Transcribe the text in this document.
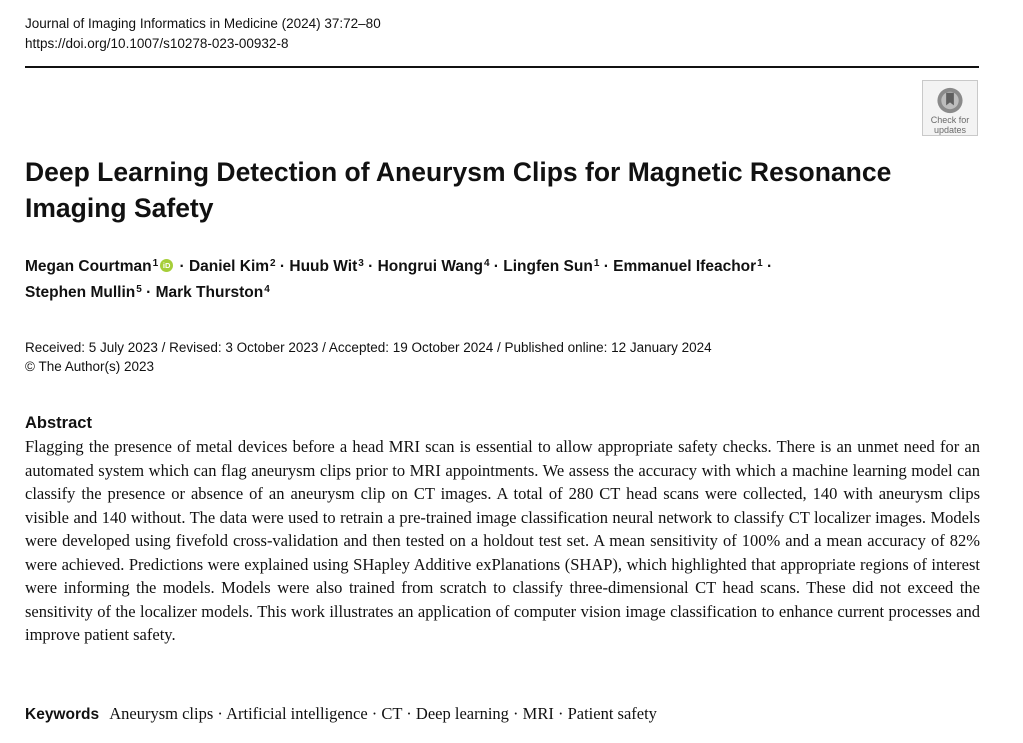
Journal of Imaging Informatics in Medicine (2024) 37:72–80
https://doi.org/10.1007/s10278-023-00932-8
Check for
updates
Deep Learning Detection of Aneurysm Clips for Magnetic Resonance
Imaging Safety
Megan Courtman$^1$ iD · Daniel Kim$^2$ · Huub Wit$^3$ · Hongrui Wang$^4$ · Lingfen Sun$^1$ · Emmanuel Ifeachor$^1$ ·
Stephen Mullin$^5$ · Mark Thurston$^4$
Received: 5 July 2023 / Revised: 3 October 2023 / Accepted: 19 October 2024 / Published online: 12 January 2024
© The Author(s) 2023
Abstract

Flagging the presence of metal devices before a head MRI scan is essential to allow appropriate safety checks. There is an unmet need for an automated system which can flag aneurysm clips prior to MRI appointments. We assess the accuracy with which a machine learning model can classify the presence or absence of an aneurysm clip on CT images. A total of 280 CT head scans were collected, 140 with aneurysm clips visible and 140 without. The data were used to retrain a pre-trained image classification neural network to classify CT localizer images. Models were developed using fivefold cross-validation and then tested on a holdout test set. A mean sensitivity of 100% and a mean accuracy of 82% were achieved. Predictions were explained using SHapley Additive exPlanations (SHAP), which highlighted that appropriate regions of interest were informing the models. Models were also trained from scratch to classify three-dimensional CT head scans. These did not exceed the sensitivity of the localizer models. This work illustrates an application of computer vision image classification to enhance current processes and improve patient safety.

Keywords Aneurysm clips · Artificial intelligence · CT · Deep learning · MRI · Patient safety
